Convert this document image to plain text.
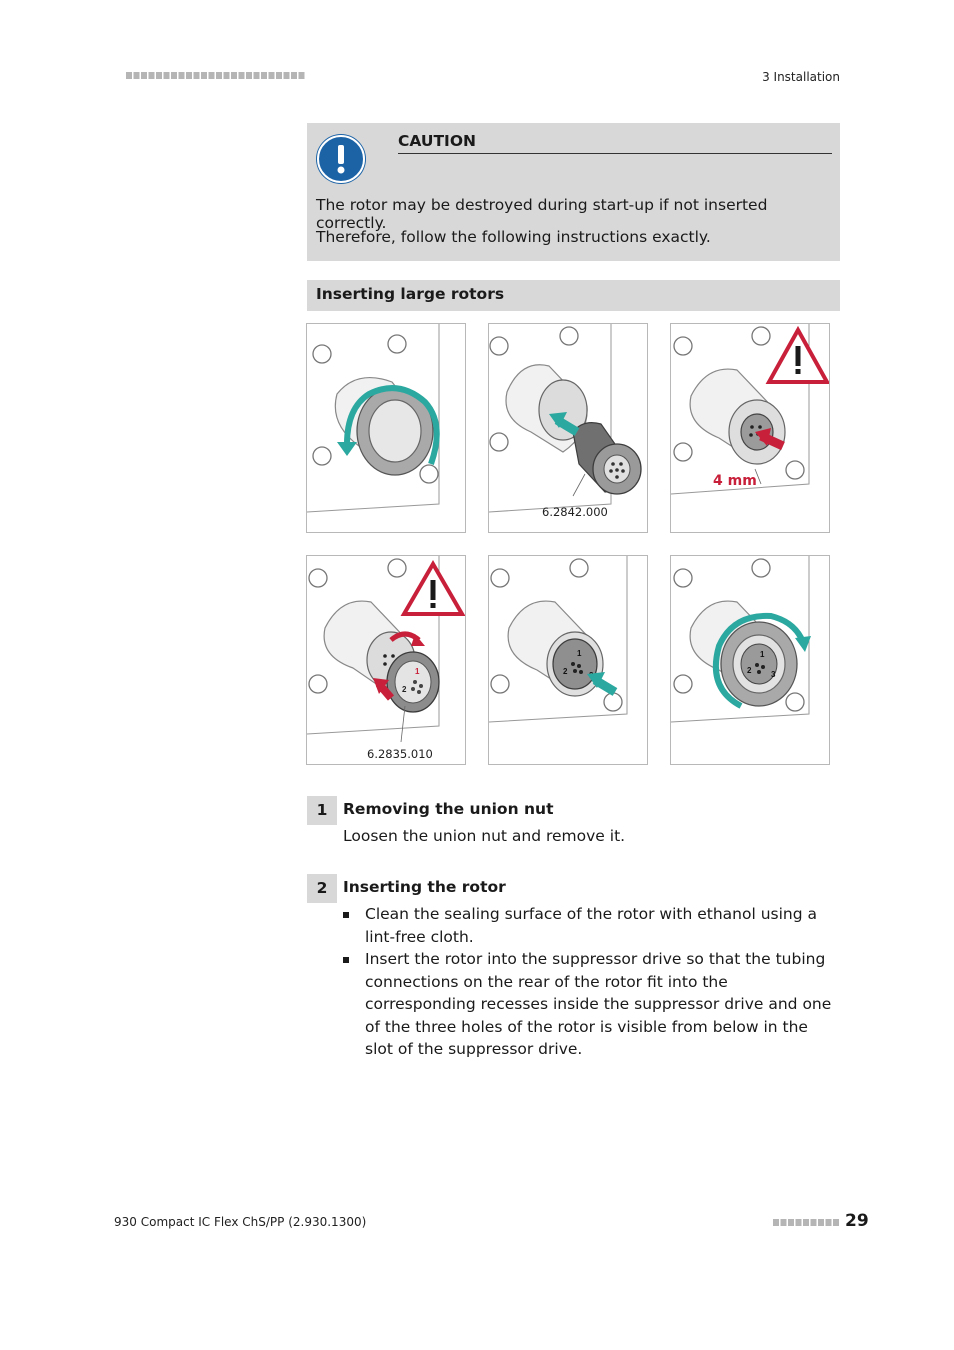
3 Installation
CAUTION
The rotor may be destroyed during start-up if not inserted correctly.
Therefore, follow the following instructions exactly.
Inserting large rotors
6.2842.000
4 mm
1
2
6.2835.010
1
2
1
2 3
1	Removing the union nut
Loosen the union nut and remove it.
2	Inserting the rotor
Clean the sealing surface of the rotor with ethanol using a lint-free cloth.
Insert the rotor into the suppressor drive so that the tubing connections on the rear of the rotor fit into the corresponding recesses inside the suppressor drive and one of the three holes of the rotor is visible from below in the slot of the suppressor drive.
930 Compact IC Flex ChS/PP (2.930.1300)	29
